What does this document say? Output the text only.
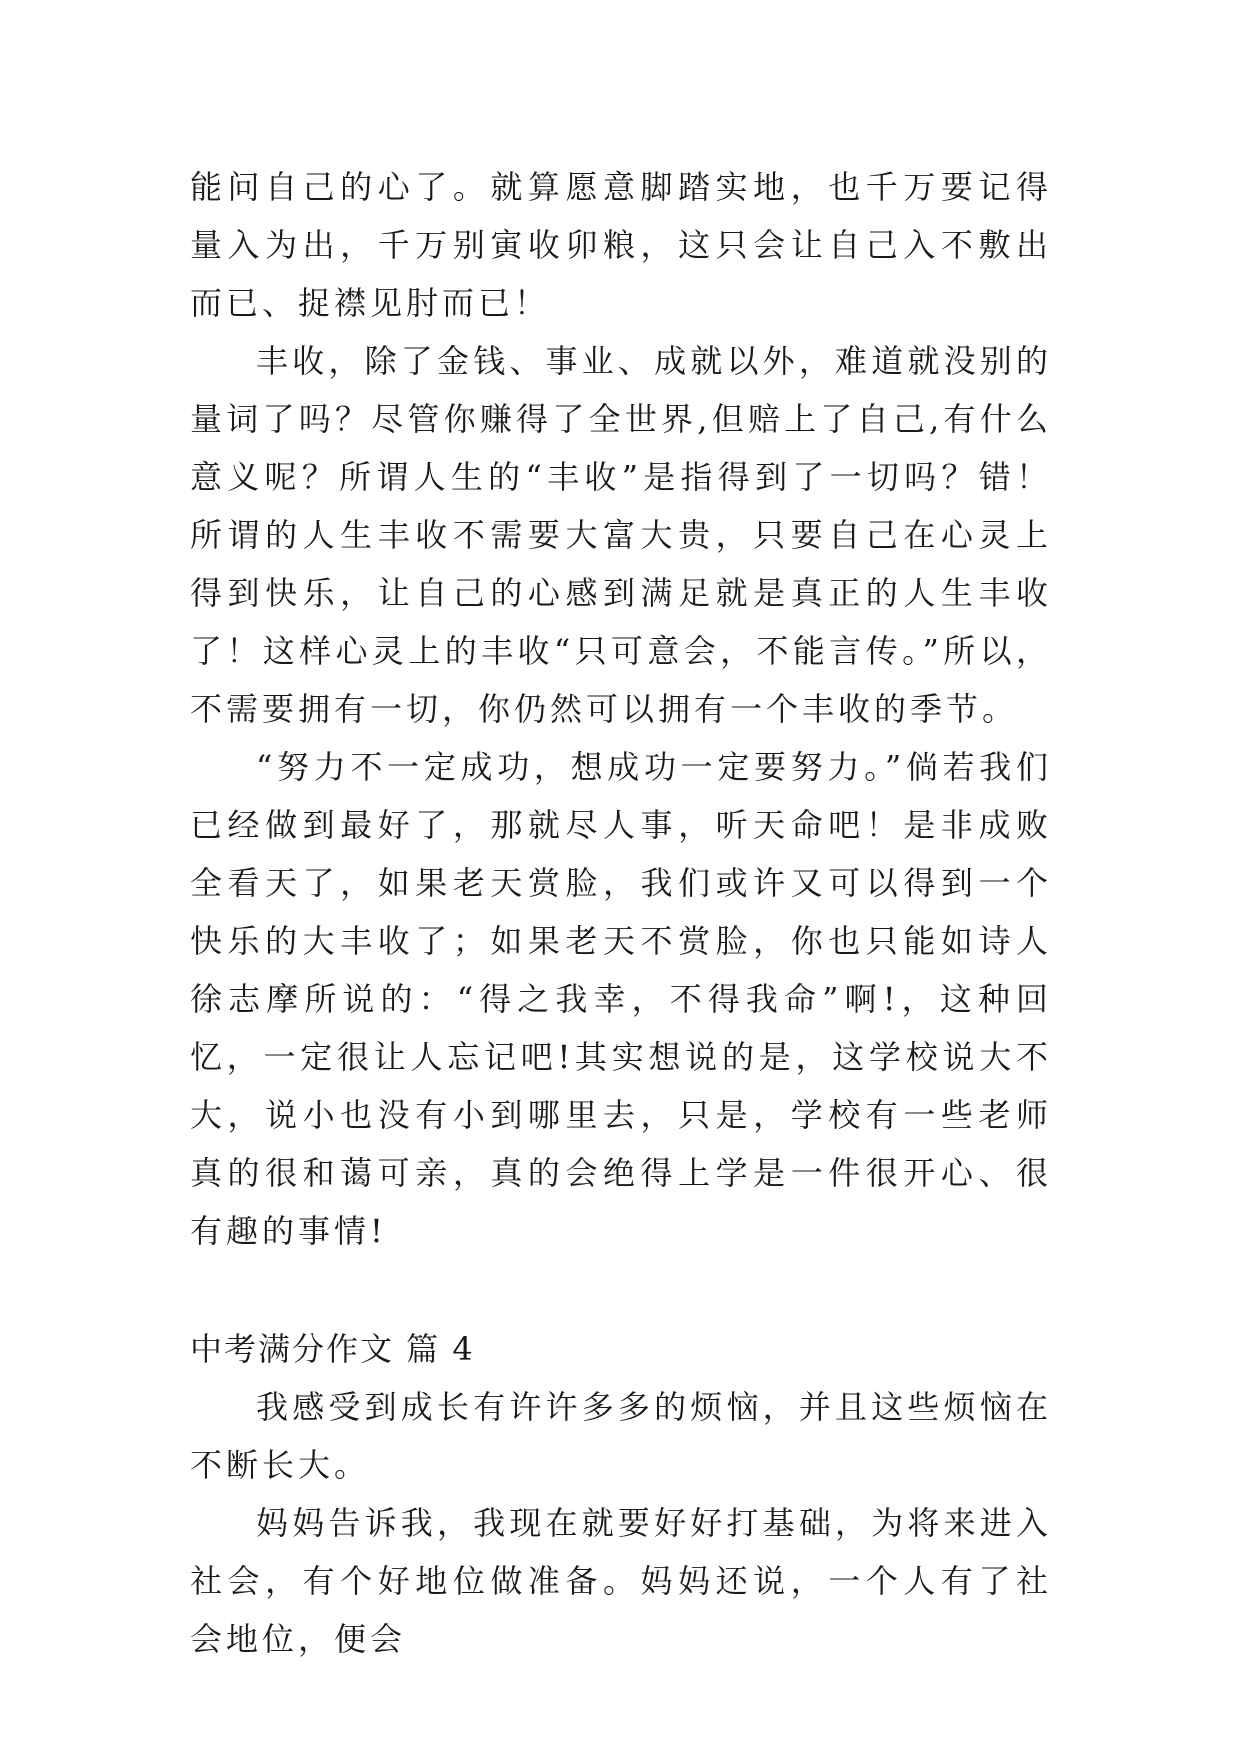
能问自己的心了。就算愿意脚踏实地，也千万要记得量入为出，千万别寅收卯粮，这只会让自己入不敷出而已、捉襟见肘而已！

丰收，除了金钱、事业、成就以外，难道就没别的量词了吗？尽管你赚得了全世界,但赔上了自己,有什么意义呢？所谓人生的“丰收”是指得到了一切吗？错！所谓的人生丰收不需要大富大贵，只要自己在心灵上得到快乐，让自己的心感到满足就是真正的人生丰收了！这样心灵上的丰收“只可意会，不能言传。”所以，不需要拥有一切，你仍然可以拥有一个丰收的季节。

“努力不一定成功，想成功一定要努力。”倘若我们已经做到最好了，那就尽人事，听天命吧！是非成败全看天了，如果老天赏脸，我们或许又可以得到一个快乐的大丰收了；如果老天不赏脸，你也只能如诗人徐志摩所说的：“得之我幸，不得我命”啊!，这种回忆，一定很让人忘记吧!其实想说的是，这学校说大不大，说小也没有小到哪里去，只是，学校有一些老师真的很和蔼可亲，真的会绝得上学是一件很开心、很有趣的事情!

中考满分作文 篇 4

我感受到成长有许许多多的烦恼，并且这些烦恼在不断长大。

妈妈告诉我，我现在就要好好打基础，为将来进入社会，有个好地位做准备。妈妈还说，一个人有了社会地位，便会
